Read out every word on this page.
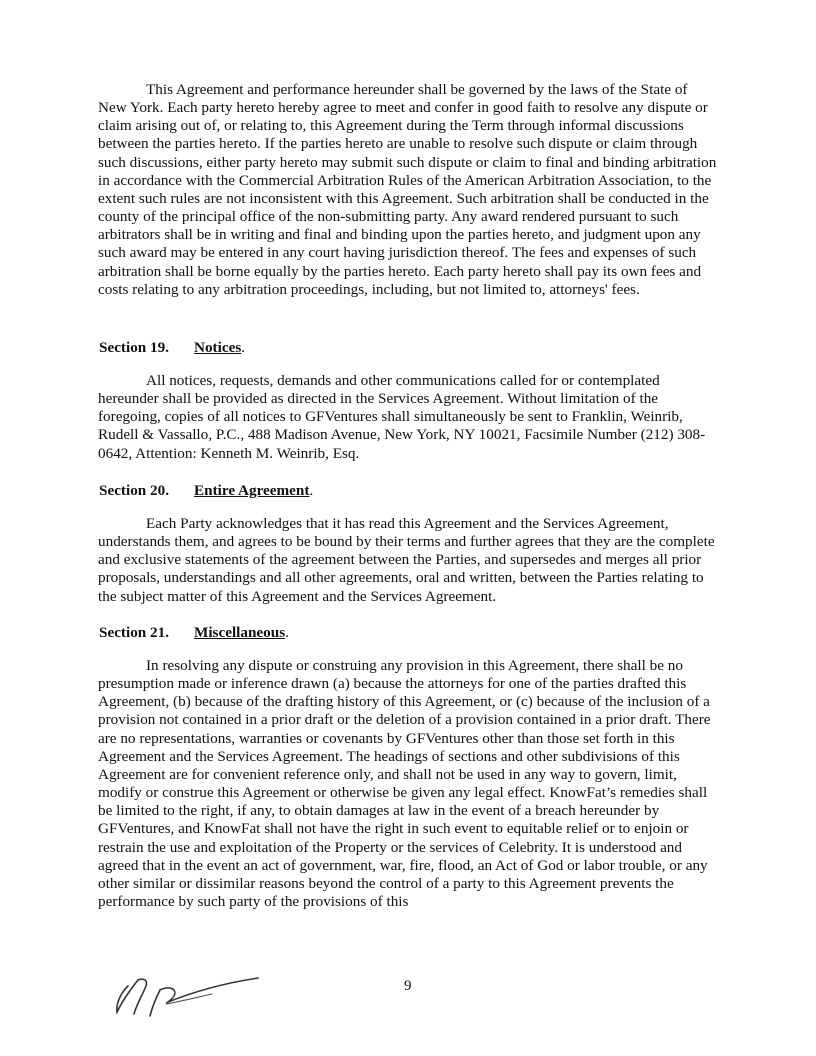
This Agreement and performance hereunder shall be governed by the laws of the State of New York. Each party hereto hereby agree to meet and confer in good faith to resolve any dispute or claim arising out of, or relating to, this Agreement during the Term through informal discussions between the parties hereto. If the parties hereto are unable to resolve such dispute or claim through such discussions, either party hereto may submit such dispute or claim to final and binding arbitration in accordance with the Commercial Arbitration Rules of the American Arbitration Association, to the extent such rules are not inconsistent with this Agreement. Such arbitration shall be conducted in the county of the principal office of the non-submitting party. Any award rendered pursuant to such arbitrators shall be in writing and final and binding upon the parties hereto, and judgment upon any such award may be entered in any court having jurisdiction thereof. The fees and expenses of such arbitration shall be borne equally by the parties hereto. Each party hereto shall pay its own fees and costs relating to any arbitration proceedings, including, but not limited to, attorneys' fees.

Section 19. Notices.

All notices, requests, demands and other communications called for or contemplated hereunder shall be provided as directed in the Services Agreement. Without limitation of the foregoing, copies of all notices to GFVentures shall simultaneously be sent to Franklin, Weinrib, Rudell & Vassallo, P.C., 488 Madison Avenue, New York, NY 10021, Facsimile Number (212) 308-0642, Attention: Kenneth M. Weinrib, Esq.

Section 20. Entire Agreement.

Each Party acknowledges that it has read this Agreement and the Services Agreement, understands them, and agrees to be bound by their terms and further agrees that they are the complete and exclusive statements of the agreement between the Parties, and supersedes and merges all prior proposals, understandings and all other agreements, oral and written, between the Parties relating to the subject matter of this Agreement and the Services Agreement.

Section 21. Miscellaneous.

In resolving any dispute or construing any provision in this Agreement, there shall be no presumption made or inference drawn (a) because the attorneys for one of the parties drafted this Agreement, (b) because of the drafting history of this Agreement, or (c) because of the inclusion of a provision not contained in a prior draft or the deletion of a provision contained in a prior draft. There are no representations, warranties or covenants by GFVentures other than those set forth in this Agreement and the Services Agreement. The headings of sections and other subdivisions of this Agreement are for convenient reference only, and shall not be used in any way to govern, limit, modify or construe this Agreement or otherwise be given any legal effect. KnowFat’s remedies shall be limited to the right, if any, to obtain damages at law in the event of a breach hereunder by GFVentures, and KnowFat shall not have the right in such event to equitable relief or to enjoin or restrain the use and exploitation of the Property or the services of Celebrity. It is understood and agreed that in the event an act of government, war, fire, flood, an Act of God or labor trouble, or any other similar or dissimilar reasons beyond the control of a party to this Agreement prevents the performance by such party of the provisions of this

9
